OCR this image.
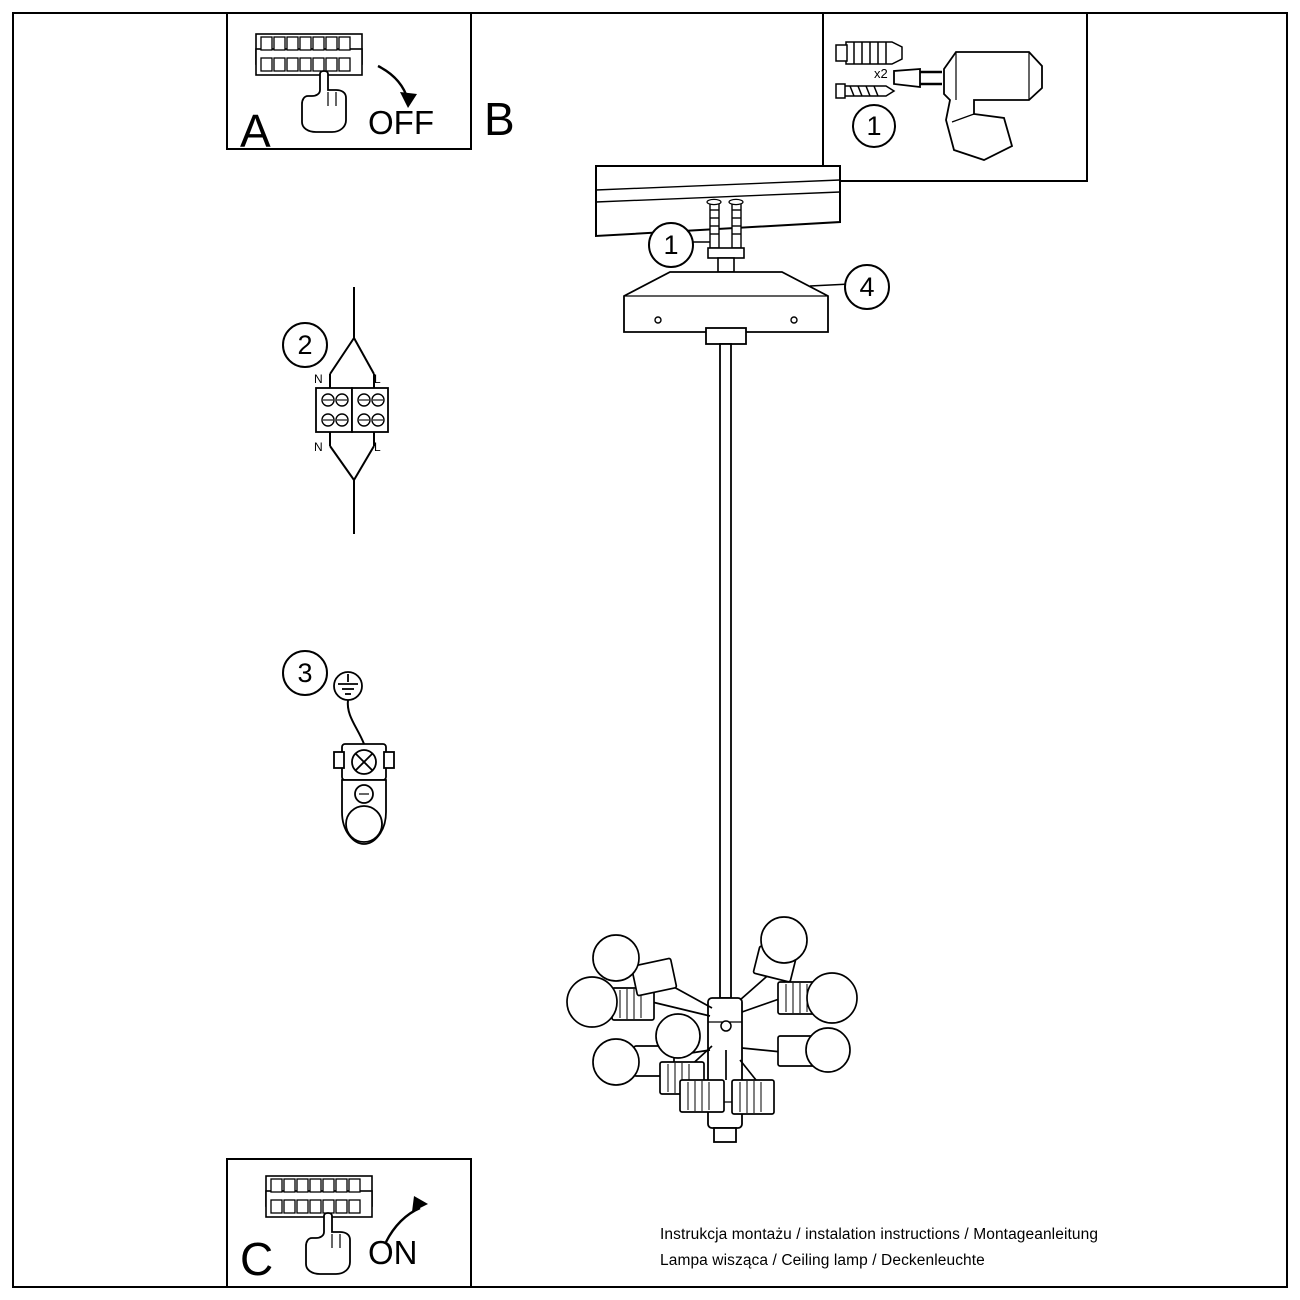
A	OFF B
x2
1
C	ON
2
N	L
N	L
3
1
4
Instrukcja montażu / instalation instructions / Montageanleitung
Lampa wisząca / Ceiling lamp / Deckenleuchte
